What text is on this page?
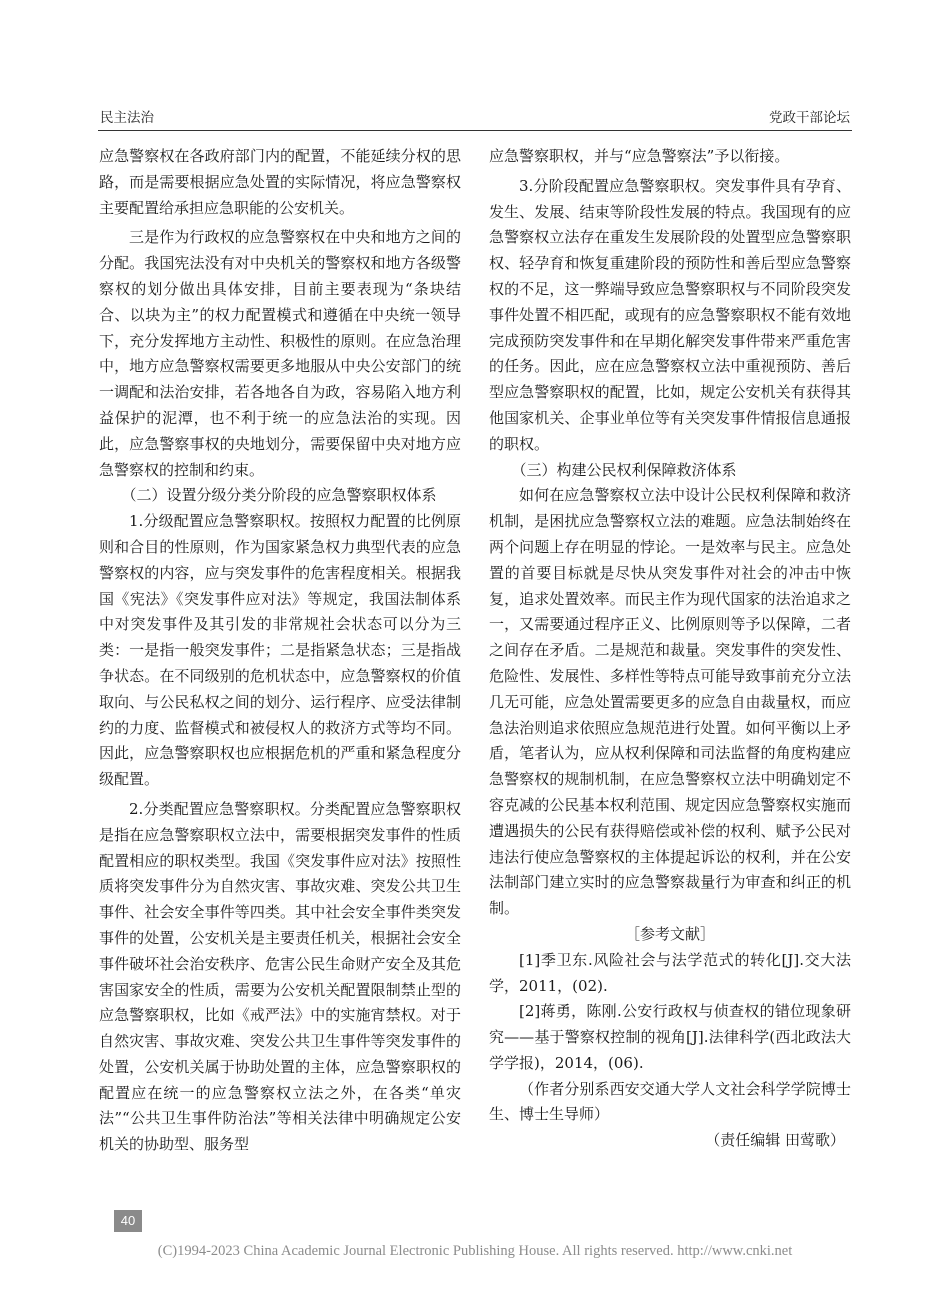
民主法治	党政干部论坛

应急警察权在各政府部门内的配置，不能延续分权的思路，而是需要根据应急处置的实际情况，将应急警察权主要配置给承担应急职能的公安机关。

三是作为行政权的应急警察权在中央和地方之间的分配。我国宪法没有对中央机关的警察权和地方各级警察权的划分做出具体安排，目前主要表现为“条块结合、以块为主”的权力配置模式和遵循在中央统一领导下，充分发挥地方主动性、积极性的原则。在应急治理中，地方应急警察权需要更多地服从中央公安部门的统一调配和法治安排，若各地各自为政，容易陷入地方利益保护的泥潭，也不利于统一的应急法治的实现。因此，应急警察事权的央地划分，需要保留中央对地方应急警察权的控制和约束。

（二）设置分级分类分阶段的应急警察职权体系

1.分级配置应急警察职权。按照权力配置的比例原则和合目的性原则，作为国家紧急权力典型代表的应急警察权的内容，应与突发事件的危害程度相关。根据我国《宪法》《突发事件应对法》等规定，我国法制体系中对突发事件及其引发的非常规社会状态可以分为三类：一是指一般突发事件；二是指紧急状态；三是指战争状态。在不同级别的危机状态中，应急警察权的价值取向、与公民私权之间的划分、运行程序、应受法律制约的力度、监督模式和被侵权人的救济方式等均不同。因此，应急警察职权也应根据危机的严重和紧急程度分级配置。

2.分类配置应急警察职权。分类配置应急警察职权是指在应急警察职权立法中，需要根据突发事件的性质配置相应的职权类型。我国《突发事件应对法》按照性质将突发事件分为自然灾害、事故灾难、突发公共卫生事件、社会安全事件等四类。其中社会安全事件类突发事件的处置，公安机关是主要责任机关，根据社会安全事件破坏社会治安秩序、危害公民生命财产安全及其危害国家安全的性质，需要为公安机关配置限制禁止型的应急警察职权，比如《戒严法》中的实施宵禁权。对于自然灾害、事故灾难、突发公共卫生事件等突发事件的处置，公安机关属于协助处置的主体，应急警察职权的配置应在统一的应急警察权立法之外，在各类“单灾法”“公共卫生事件防治法”等相关法律中明确规定公安机关的协助型、服务型

应急警察职权，并与“应急警察法”予以衔接。

3.分阶段配置应急警察职权。突发事件具有孕育、发生、发展、结束等阶段性发展的特点。我国现有的应急警察权立法存在重发生发展阶段的处置型应急警察职权、轻孕育和恢复重建阶段的预防性和善后型应急警察权的不足，这一弊端导致应急警察职权与不同阶段突发事件处置不相匹配，或现有的应急警察职权不能有效地完成预防突发事件和在早期化解突发事件带来严重危害的任务。因此，应在应急警察权立法中重视预防、善后型应急警察职权的配置，比如，规定公安机关有获得其他国家机关、企事业单位等有关突发事件情报信息通报的职权。

（三）构建公民权利保障救济体系

如何在应急警察权立法中设计公民权利保障和救济机制，是困扰应急警察权立法的难题。应急法制始终在两个问题上存在明显的悖论。一是效率与民主。应急处置的首要目标就是尽快从突发事件对社会的冲击中恢复，追求处置效率。而民主作为现代国家的法治追求之一，又需要通过程序正义、比例原则等予以保障，二者之间存在矛盾。二是规范和裁量。突发事件的突发性、危险性、发展性、多样性等特点可能导致事前充分立法几无可能，应急处置需要更多的应急自由裁量权，而应急法治则追求依照应急规范进行处置。如何平衡以上矛盾，笔者认为，应从权利保障和司法监督的角度构建应急警察权的规制机制，在应急警察权立法中明确划定不容克减的公民基本权利范围、规定因应急警察权实施而遭遇损失的公民有获得赔偿或补偿的权利、赋予公民对违法行使应急警察权的主体提起诉讼的权利，并在公安法制部门建立实时的应急警察裁量行为审查和纠正的机制。

［参考文献］

[1]季卫东.风险社会与法学范式的转化[J].交大法学，2011，(02).

[2]蒋勇，陈刚.公安行政权与侦查权的错位现象研究——基于警察权控制的视角[J].法律科学(西北政法大学学报)，2014，(06).

（作者分别系西安交通大学人文社会科学学院博士生、博士生导师）

（责任编辑 田莺歌）

40
(C)1994-2023 China Academic Journal Electronic Publishing House. All rights reserved. http://www.cnki.net
